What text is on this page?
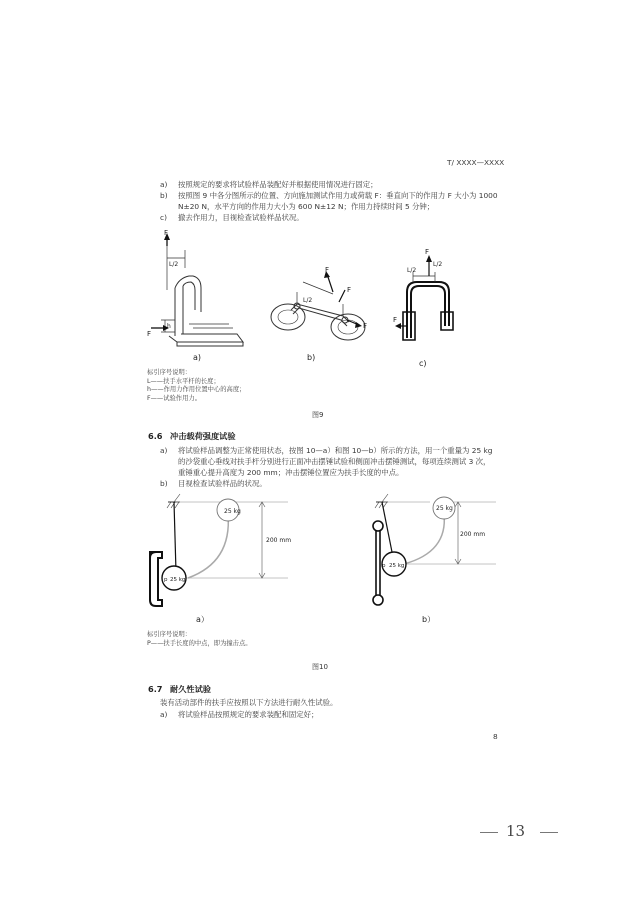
T/ XXXX—XXXX
a) 按照规定的要求将试验样品装配好并根据使用情况进行固定；
b) 按照图 9 中各分图所示的位置、方向施加测试作用力或荷载 F：垂直向下的作用力 F 大小为 1000
N±20 N，水平方向的作用力大小为 600 N±12 N；作用力持续时间 5 分钟；
c) 撤去作用力，目视检查试验样品状况。
F
L/2
F
h
a)
F
F
F
L/2
b)
F
L/2
L/2
F
c)
标引序号说明：
L——扶手水平杆的长度；
h——作用力作用位置中心的高度；
F——试验作用力。
图9
6.6 冲击载荷强度试验
a) 将试验样品调整为正常使用状态，按图 10—a）和图 10—b）所示的方法，用一个重量为 25 kg
的沙袋重心垂线对扶手杆分别进行正面冲击摆锤试验和侧面冲击摆锤测试，每项连续测试 3 次，
重锤重心提升高度为 200 mm；冲击摆锤位置应为扶手长度的中点。
b) 目视检查试验样品的状况。
25 kg
200 mm
p 25 kg
a）
25 kg
200 mm
p 25 kg
b）
标引序号说明：
P——扶手长度的中点，即为撞击点。
图10
6.7 耐久性试验
装有活动部件的扶手应按照以下方法进行耐久性试验。
a) 将试验样品按照规定的要求装配和固定好；
8
13
